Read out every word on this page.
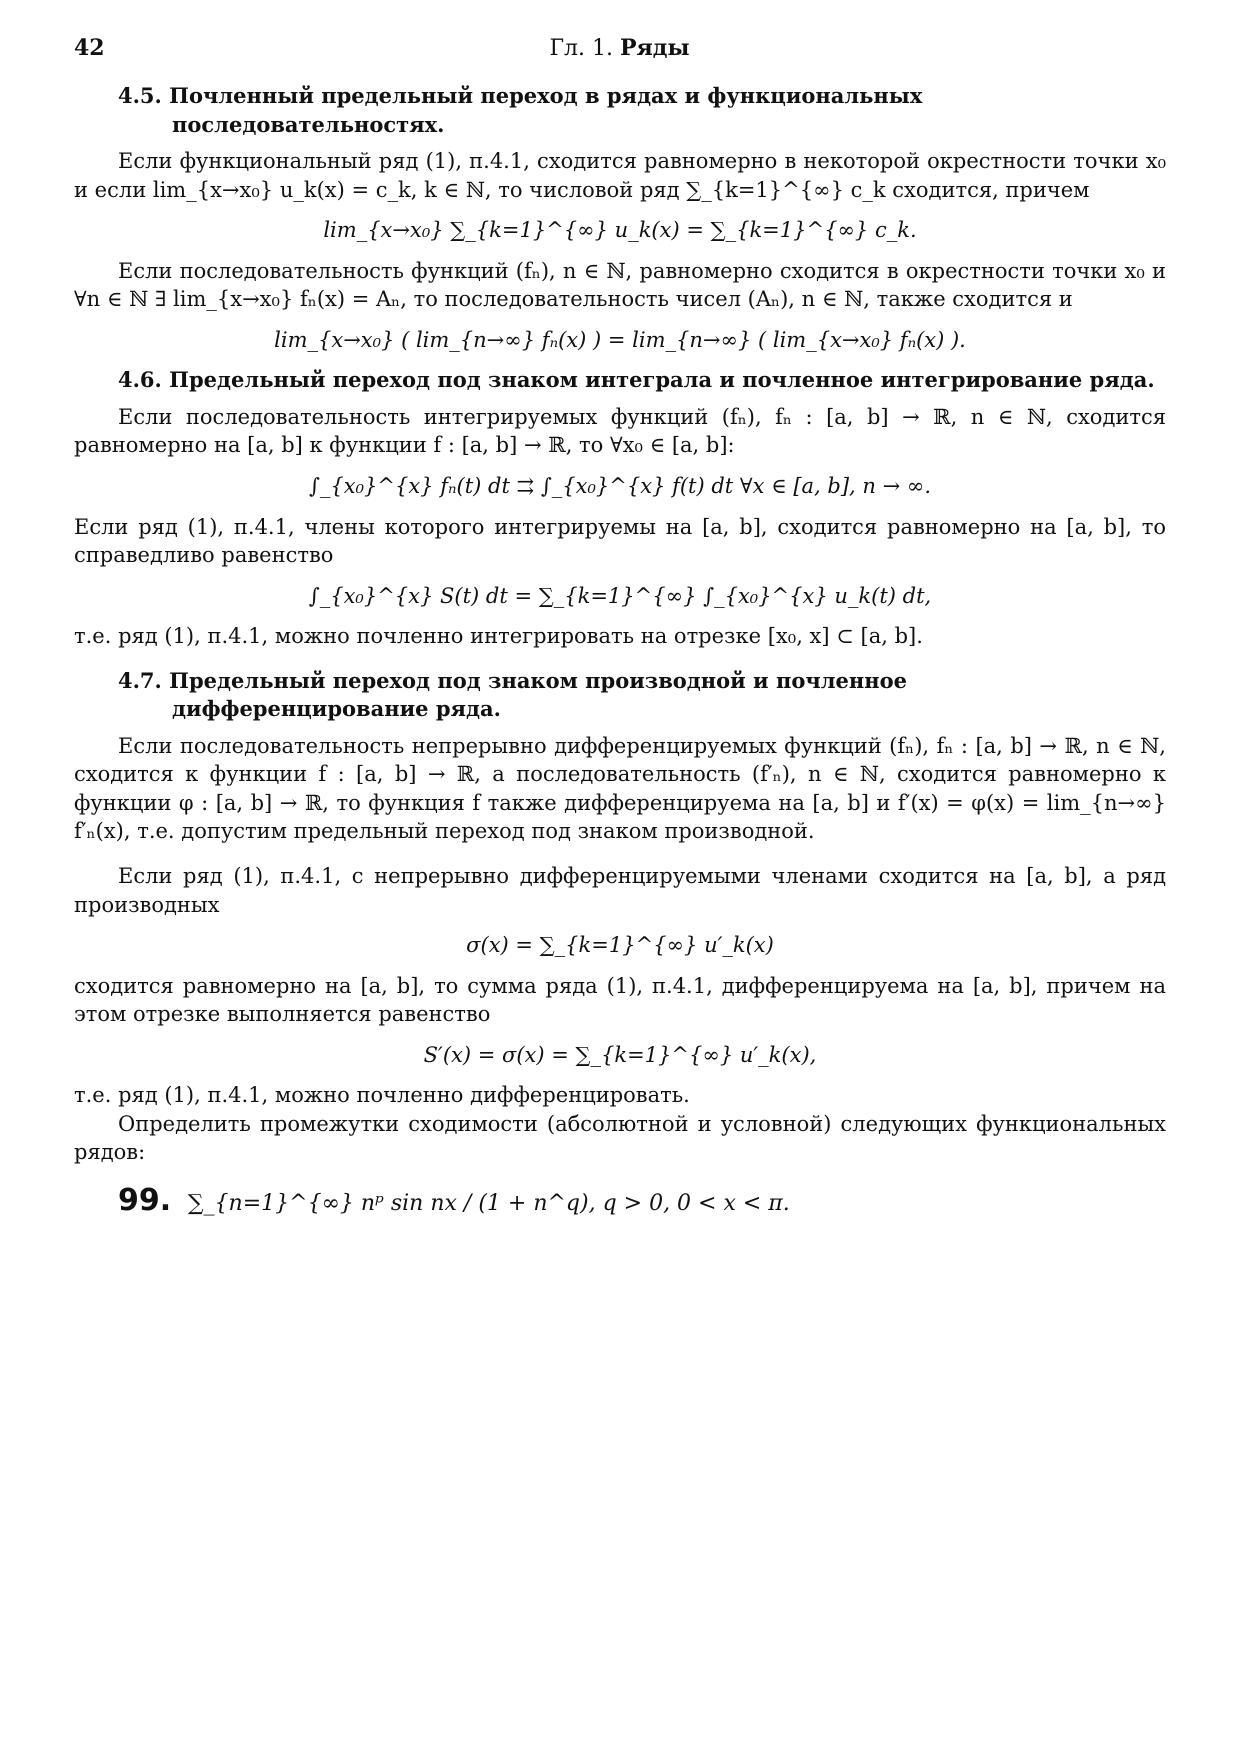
42	Гл. 1. Ряды
4.5. Почленный предельный переход в рядах и функциональных последовательностях.

Если функциональный ряд (1), п.4.1, сходится равномерно в некоторой окрестности точки x₀ и если lim_{x→x₀} u_k(x) = c_k, k ∈ ℕ, то числовой ряд ∑_{k=1}^{∞} c_k сходится, причем

lim_{x→x₀} ∑_{k=1}^{∞} u_k(x) = ∑_{k=1}^{∞} c_k.

Если последовательность функций (fₙ), n ∈ ℕ, равномерно сходится в окрестности точки x₀ и ∀n ∈ ℕ ∃ lim_{x→x₀} fₙ(x) = Aₙ, то последовательность чисел (Aₙ), n ∈ ℕ, также сходится и

lim_{x→x₀} ( lim_{n→∞} fₙ(x) ) = lim_{n→∞} ( lim_{x→x₀} fₙ(x) ).
4.6. Предельный переход под знаком интеграла и почленное интегрирование ряда.

Если последовательность интегрируемых функций (fₙ), fₙ : [a, b] → ℝ, n ∈ ℕ, сходится равномерно на [a, b] к функции f : [a, b] → ℝ, то ∀x₀ ∈ [a, b]:

∫_{x₀}^{x} fₙ(t) dt ⇉ ∫_{x₀}^{x} f(t) dt ∀x ∈ [a, b], n → ∞.

Если ряд (1), п.4.1, члены которого интегрируемы на [a, b], сходится равномерно на [a, b], то справедливо равенство

∫_{x₀}^{x} S(t) dt = ∑_{k=1}^{∞} ∫_{x₀}^{x} u_k(t) dt,

т.е. ряд (1), п.4.1, можно почленно интегрировать на отрезке [x₀, x] ⊂ [a, b].

4.7. Предельный переход под знаком производной и почленное дифференцирование ряда.

Если последовательность непрерывно дифференцируемых функций (fₙ), fₙ : [a, b] → ℝ, n ∈ ℕ, сходится к функции f : [a, b] → ℝ, а последовательность (f′ₙ), n ∈ ℕ, сходится равномерно к функции φ : [a, b] → ℝ, то функция f также дифференцируема на [a, b] и f′(x) = φ(x) = lim_{n→∞} f′ₙ(x), т.е. допустим предельный переход под знаком производной.

Если ряд (1), п.4.1, с непрерывно дифференцируемыми членами сходится на [a, b], а ряд производных

σ(x) = ∑_{k=1}^{∞} u′_k(x)

сходится равномерно на [a, b], то сумма ряда (1), п.4.1, дифференцируема на [a, b], причем на этом отрезке выполняется равенство

S′(x) = σ(x) = ∑_{k=1}^{∞} u′_k(x),

т.е. ряд (1), п.4.1, можно почленно дифференцировать.

Определить промежутки сходимости (абсолютной и условной) следующих функциональных рядов:

99. ∑_{n=1}^{∞} nᵖ sin nx / (1 + n^q), q > 0, 0 < x < π.
